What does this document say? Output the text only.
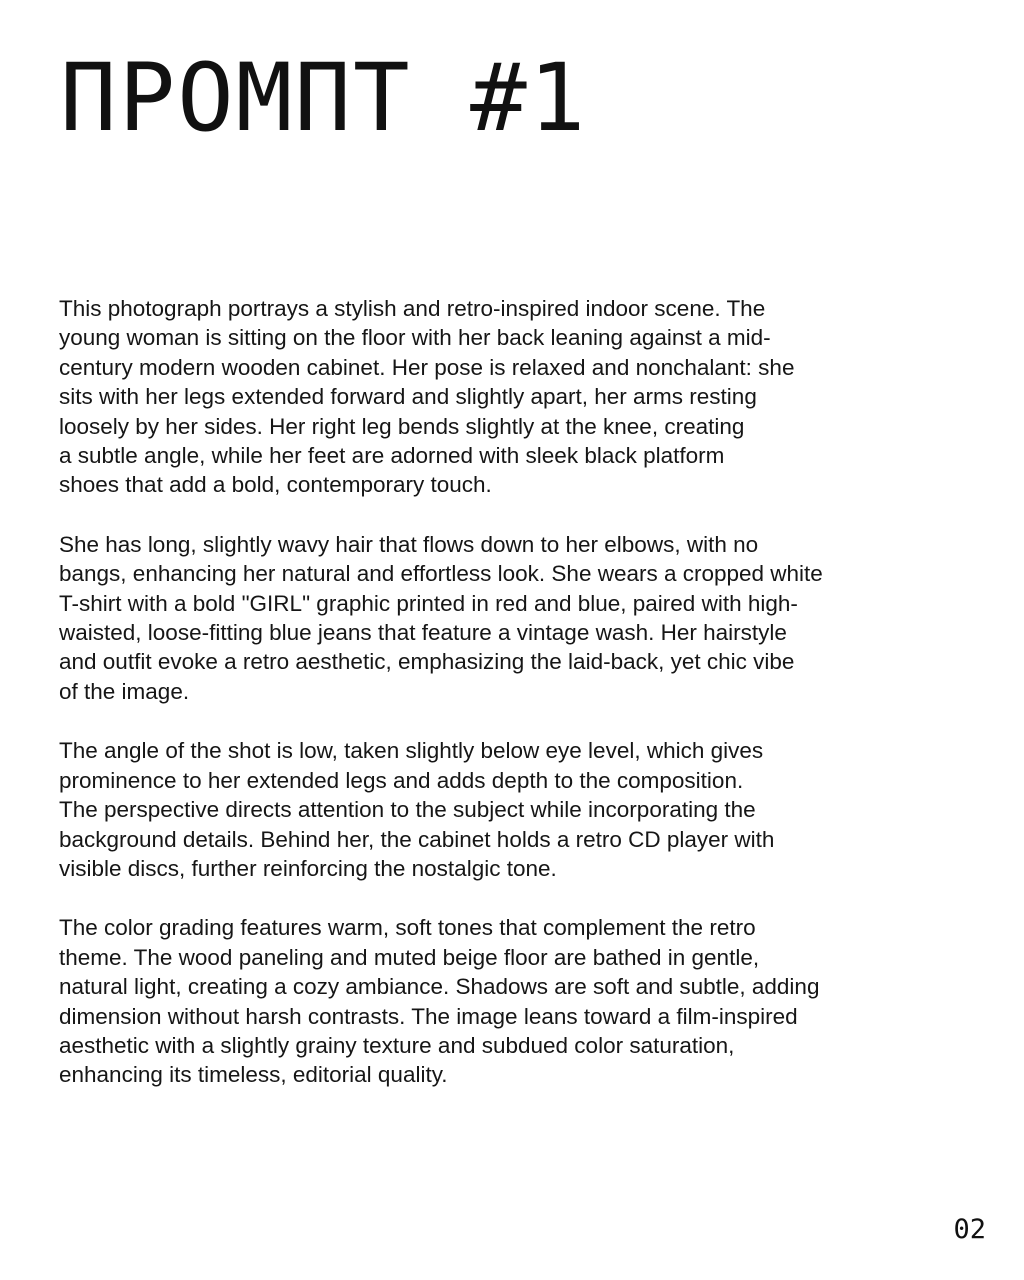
ПРОМПТ #1

This photograph portrays a stylish and retro-inspired indoor scene. The
young woman is sitting on the floor with her back leaning against a mid-
century modern wooden cabinet. Her pose is relaxed and nonchalant: she
sits with her legs extended forward and slightly apart, her arms resting
loosely by her sides. Her right leg bends slightly at the knee, creating
a subtle angle, while her feet are adorned with sleek black platform
shoes that add a bold, contemporary touch.

She has long, slightly wavy hair that flows down to her elbows, with no
bangs, enhancing her natural and effortless look. She wears a cropped white
T-shirt with a bold "GIRL" graphic printed in red and blue, paired with high-
waisted, loose-fitting blue jeans that feature a vintage wash. Her hairstyle
and outfit evoke a retro aesthetic, emphasizing the laid-back, yet chic vibe
of the image.

The angle of the shot is low, taken slightly below eye level, which gives
prominence to her extended legs and adds depth to the composition.
The perspective directs attention to the subject while incorporating the
background details. Behind her, the cabinet holds a retro CD player with
visible discs, further reinforcing the nostalgic tone.

The color grading features warm, soft tones that complement the retro
theme. The wood paneling and muted beige floor are bathed in gentle,
natural light, creating a cozy ambiance. Shadows are soft and subtle, adding
dimension without harsh contrasts. The image leans toward a film-inspired
aesthetic with a slightly grainy texture and subdued color saturation,
enhancing its timeless, editorial quality.

02
